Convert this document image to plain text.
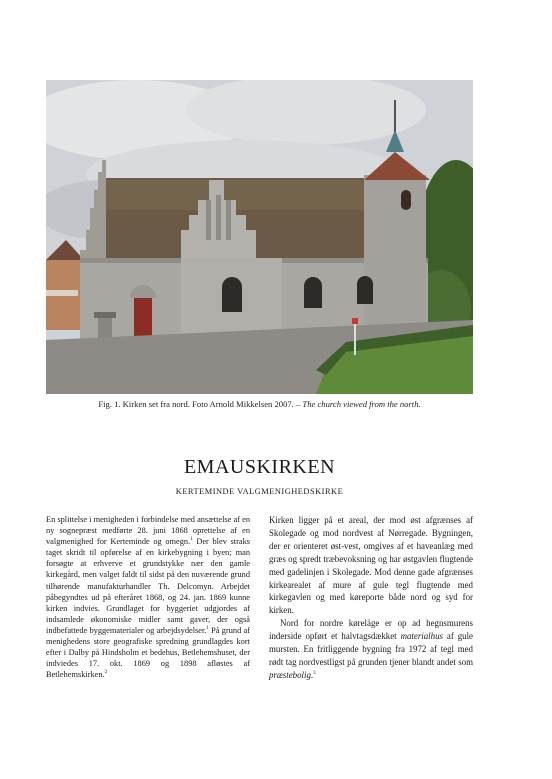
Fig. 1. Kirken set fra nord. Foto Arnold Mikkelsen 2007. – The church viewed from the north.
EMAUSKIRKEN
KERTEMINDE VALGMENIGHEDSKIRKE

En splittelse i menigheden i forbindelse med ansættelse af en ny sognepræst medførte 28. juni 1868 oprettelse af en valgmenighed for Kerteminde og omegn.$^1$ Der blev straks taget skridt til opførelse af en kirkebygning i byen; man forsøgte at erhverve et grundstykke nær den gamle kirkegård, men valget faldt til sidst på den nuværende grund tilhørende manufakturhandler Th. Delcomyn. Arbejdet påbegyndtes ud på efteråret 1868, og 24. jan. 1869 kunne kirken indvies. Grundlaget for byggeriet udgjordes af indsamlede økonomiske midler samt gaver, der også indbefattede byggematerialer og arbejdsydelser.$^1$ På grund af menighedens store geografiske spredning grundlagdes kort efter i Dalby på Hindsholm et bedehus, Betlehemshuset, der indviedes 17. okt. 1869 og 1898 afløstes af Betlehemskirken.$^2$

Kirken ligger på et areal, der mod øst afgrænses af Skolegade og mod nordvest af Nørregade. Bygningen, der er orienteret øst-vest, omgives af et haveanlæg med græs og spredt træbevoksning og har østgavlen flugtende med gadelinjen i Skolegade. Mod denne gade afgrænses kirkearealet af mure af gule tegl flugtende med kirkegavlen og med køreporte både nord og syd for kirken.

Nord for nordre køreläge er op ad hegnsmurens inderside opført et halvtagsdækket materialhus af gule mursten. En fritliggende bygning fra 1972 af tegl med rødt tag nordvestligst på grunden tjener blandt andet som præstebolig.$^3$
